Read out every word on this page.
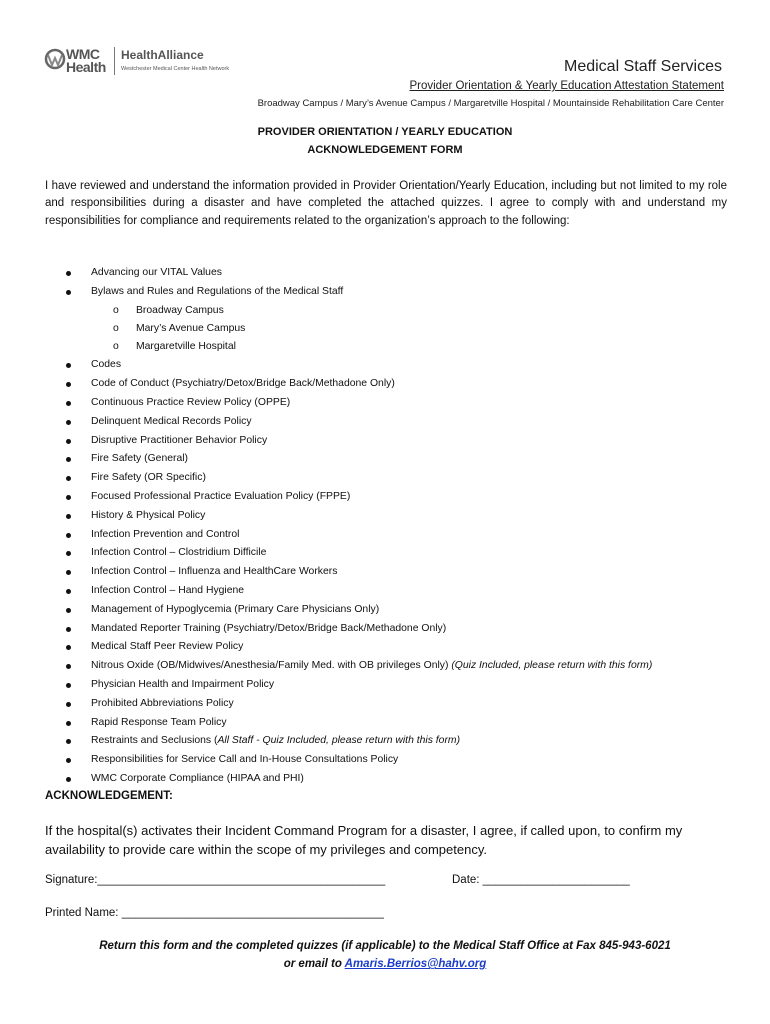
WMC
Health
HealthAlliance
Westchester Medical Center Health Network	Medical Staff Services
Provider Orientation & Yearly Education Attestation Statement
Broadway Campus / Mary’s Avenue Campus / Margaretville Hospital / Mountainside Rehabilitation Care Center
PROVIDER ORIENTATION / YEARLY EDUCATION
ACKNOWLEDGEMENT FORM
I have reviewed and understand the information provided in Provider Orientation/Yearly Education, including but not limited to my role and responsibilities during a disaster and have completed the attached quizzes. I agree to comply with and understand my responsibilities for compliance and requirements related to the organization’s approach to the following:
Advancing our VITAL Values
Bylaws and Rules and Regulations of the Medical Staff
o Broadway Campus
o Mary’s Avenue Campus
o Margaretville Hospital
Codes
Code of Conduct (Psychiatry/Detox/Bridge Back/Methadone Only)
Continuous Practice Review Policy (OPPE)
Delinquent Medical Records Policy
Disruptive Practitioner Behavior Policy
Fire Safety (General)
Fire Safety (OR Specific)
Focused Professional Practice Evaluation Policy (FPPE)
History & Physical Policy
Infection Prevention and Control
Infection Control – Clostridium Difficile
Infection Control – Influenza and HealthCare Workers
Infection Control – Hand Hygiene
Management of Hypoglycemia (Primary Care Physicians Only)
Mandated Reporter Training (Psychiatry/Detox/Bridge Back/Methadone Only)
Medical Staff Peer Review Policy
Nitrous Oxide (OB/Midwives/Anesthesia/Family Med. with OB privileges Only) (Quiz Included, please return with this form)
Physician Health and Impairment Policy
Prohibited Abbreviations Policy
Rapid Response Team Policy
Restraints and Seclusions (All Staff - Quiz Included, please return with this form)
Responsibilities for Service Call and In-House Consultations Policy
WMC Corporate Compliance (HIPAA and PHI)
ACKNOWLEDGEMENT:
If the hospital(s) activates their Incident Command Program for a disaster, I agree, if called upon, to confirm my availability to provide care within the scope of my privileges and competency.
Signature:_____________________________________________	Date: _______________________
Printed Name: _________________________________________
Return this form and the completed quizzes (if applicable) to the Medical Staff Office at Fax 845-943-6021
or email to Amaris.Berrios@hahv.org
